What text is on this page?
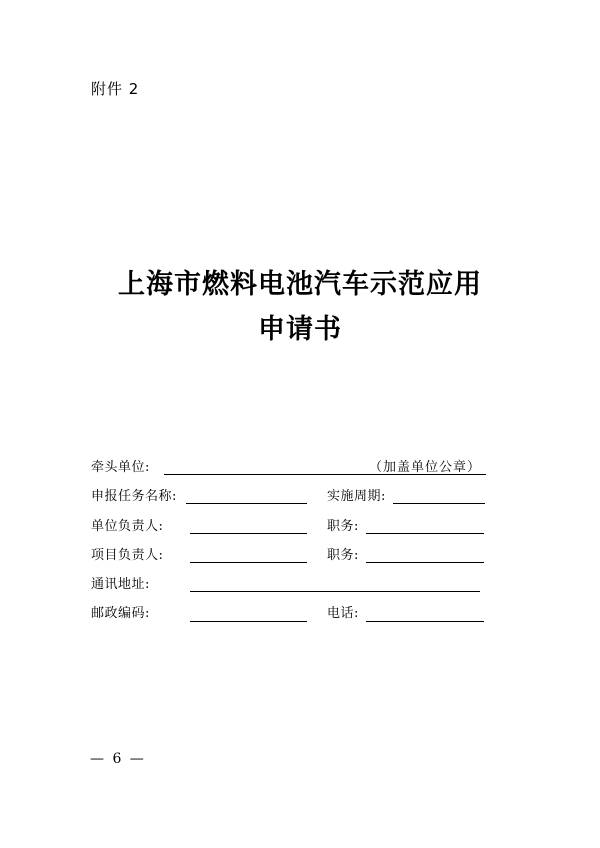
附件 2
上海市燃料电池汽车示范应用
申请书
牵头单位:	（加盖单位公章）
申报任务名称:	实施周期:
单位负责人:	职务:
项目负责人:	职务:
通讯地址:
邮政编码:	电话:
— 6 —
